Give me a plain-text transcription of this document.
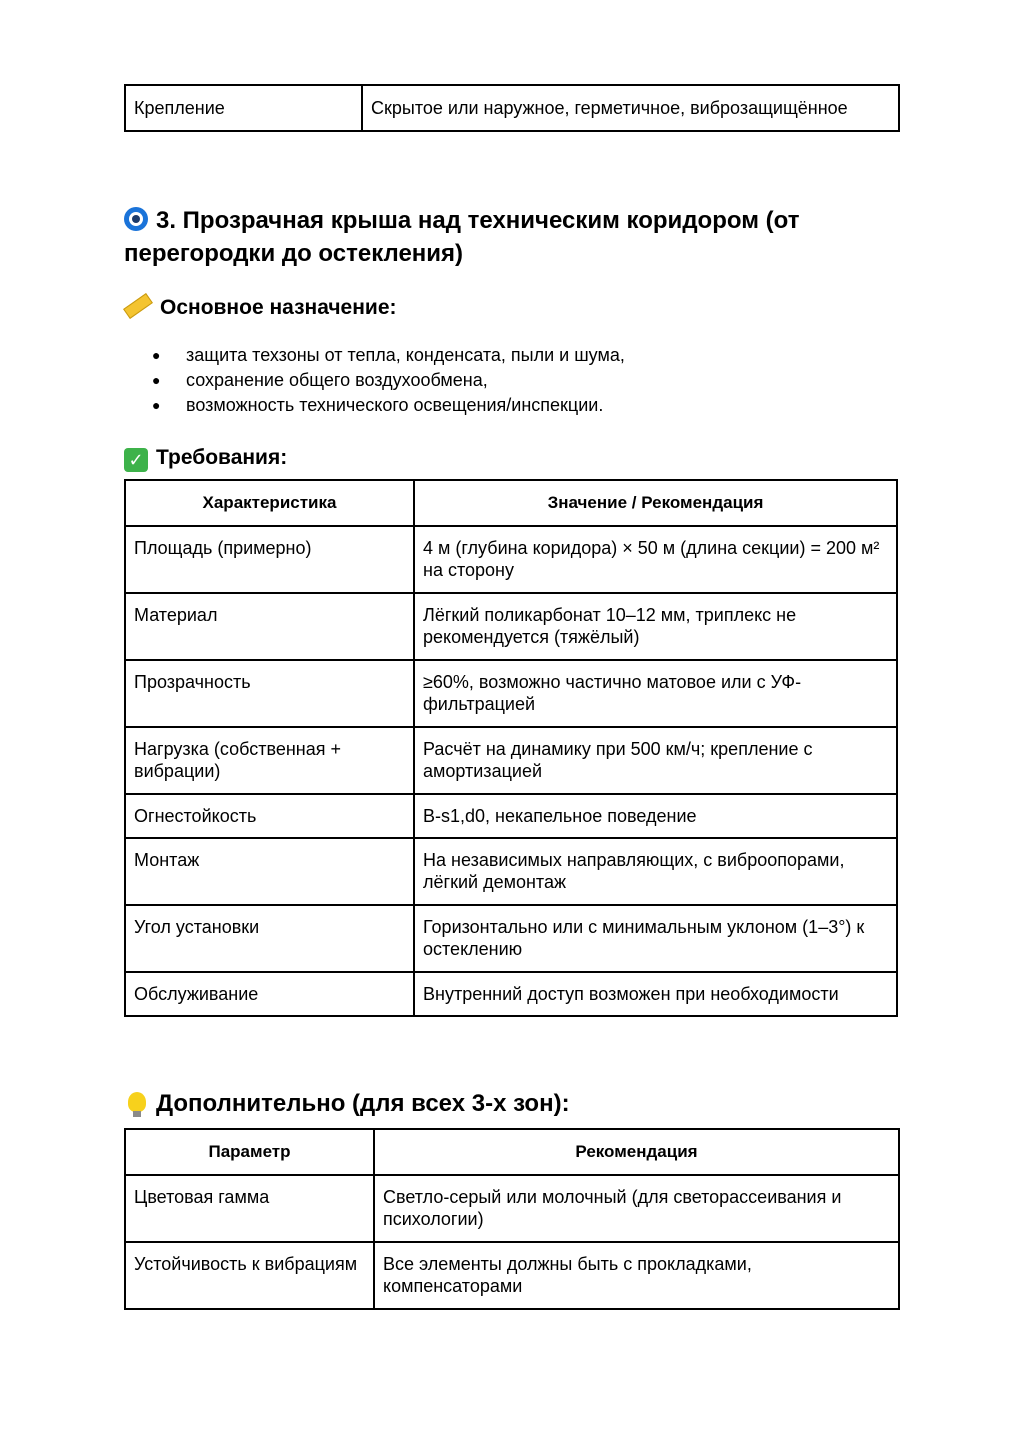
Крепление	Скрытое или наружное, герметичное, виброзащищённое
3. Прозрачная крыша над техническим коридором (от перегородки до остекления)
Основное назначение:
● защита техзоны от тепла, конденсата, пыли и шума,
● сохранение общего воздухообмена,
● возможность технического освещения/инспекции.
✓ Требования:
Характеристика	Значение / Рекомендация
Площадь (примерно)	4 м (глубина коридора) × 50 м (длина секции) = 200 м² на сторону
Материал	Лёгкий поликарбонат 10–12 мм, триплекс не рекомендуется (тяжёлый)
Прозрачность	≥60%, возможно частично матовое или с УФ-фильтрацией
Нагрузка (собственная + вибрации)	Расчёт на динамику при 500 км/ч; крепление с амортизацией
Огнестойкость	B-s1,d0, некапельное поведение
Монтаж	На независимых направляющих, с виброопорами, лёгкий демонтаж
Угол установки	Горизонтально или с минимальным уклоном (1–3°) к остеклению
Обслуживание	Внутренний доступ возможен при необходимости
Дополнительно (для всех 3-х зон):
Параметр	Рекомендация
Цветовая гамма	Светло-серый или молочный (для светорассеивания и психологии)
Устойчивость к вибрациям	Все элементы должны быть с прокладками, компенсаторами
